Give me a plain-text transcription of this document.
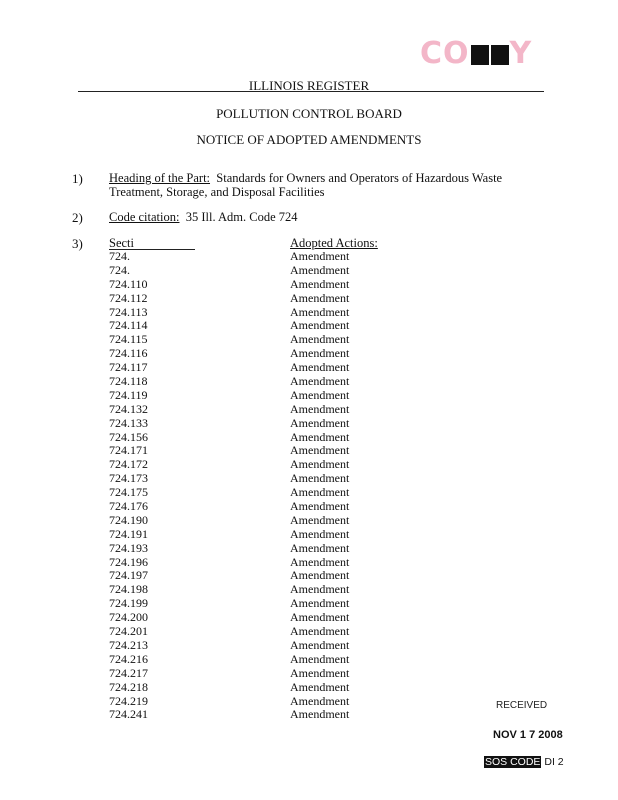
CO Y
ILLINOIS REGISTER
POLLUTION CONTROL BOARD
NOTICE OF ADOPTED AMENDMENTS
1) Heading of the Part: Standards for Owners and Operators of Hazardous Waste
Treatment, Storage, and Disposal Facilities
2) Code citation: 35 Ill. Adm. Code 724
3) Secti	Adopted Actions:
724.	Amendment
724.	Amendment
724.110	Amendment
724.112	Amendment
724.113	Amendment
724.114	Amendment
724.115	Amendment
724.116	Amendment
724.117	Amendment
724.118	Amendment
724.119	Amendment
724.132	Amendment
724.133	Amendment
724.156	Amendment
724.171	Amendment
724.172	Amendment
724.173	Amendment
724.175	Amendment
724.176	Amendment
724.190	Amendment
724.191	Amendment
724.193	Amendment
724.196	Amendment
724.197	Amendment
724.198	Amendment
724.199	Amendment
724.200	Amendment
724.201	Amendment
724.213	Amendment
724.216	Amendment
724.217	Amendment
724.218	Amendment
724.219	Amendment
724.241	Amendment
RECEIVED
NOV 1 7 2008
SOS CODE DI 2
